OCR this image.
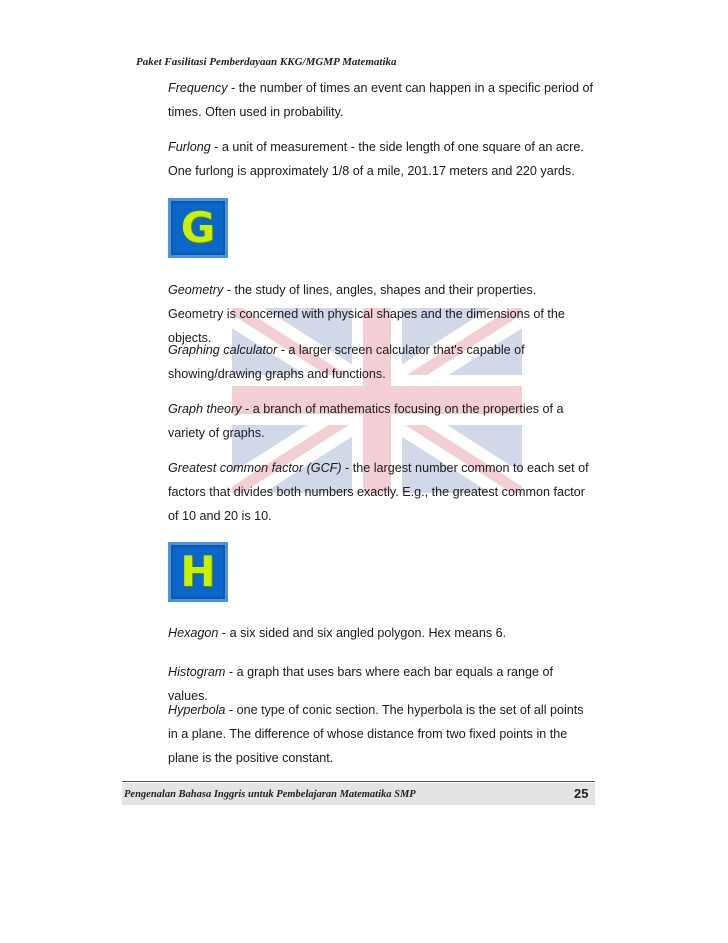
Paket Fasilitasi Pemberdayaan KKG/MGMP Matematika

Frequency - the number of times an event can happen in a specific period of times. Often used in probability.

Furlong - a unit of measurement - the side length of one square of an acre. One furlong is approximately 1/8 of a mile, 201.17 meters and 220 yards.

G

Geometry - the study of lines, angles, shapes and their properties. Geometry is concerned with physical shapes and the dimensions of the objects.

Graphing calculator - a larger screen calculator that's capable of showing/drawing graphs and functions.

Graph theory - a branch of mathematics focusing on the properties of a variety of graphs.

Greatest common factor (GCF) - the largest number common to each set of factors that divides both numbers exactly. E.g., the greatest common factor of 10 and 20 is 10.

H

Hexagon - a six sided and six angled polygon. Hex means 6.

Histogram - a graph that uses bars where each bar equals a range of values.

Hyperbola - one type of conic section. The hyperbola is the set of all points in a plane. The difference of whose distance from two fixed points in the plane is the positive constant.

Pengenalan Bahasa Inggris untuk Pembelajaran Matematika SMP	25
